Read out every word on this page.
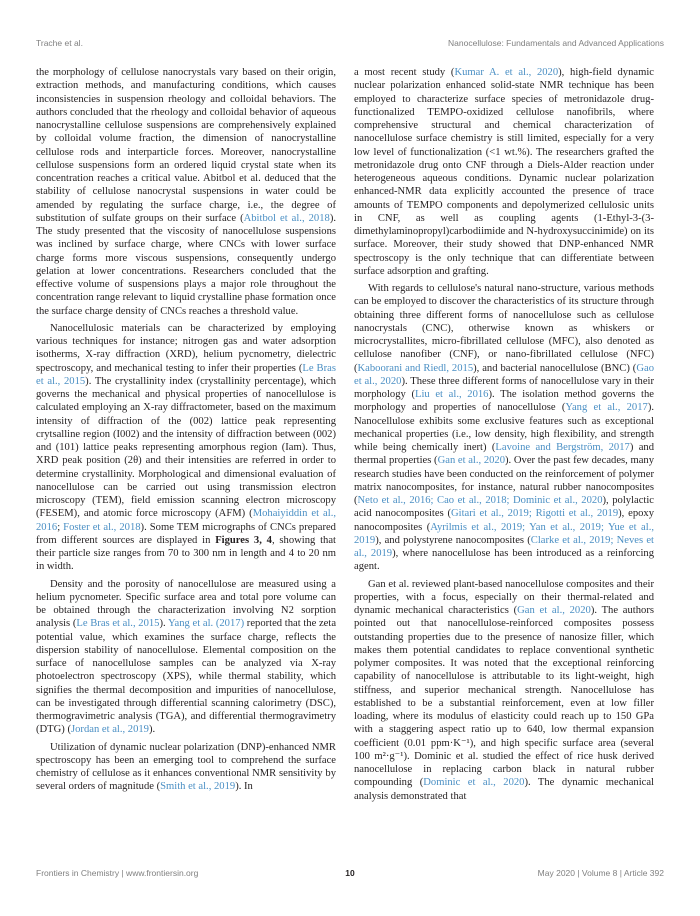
Trache et al.	Nanocellulose: Fundamentals and Advanced Applications

the morphology of cellulose nanocrystals vary based on their origin, extraction methods, and manufacturing conditions, which causes inconsistencies in suspension rheology and colloidal behaviors. The authors concluded that the rheology and colloidal behavior of aqueous nanocrystalline cellulose suspensions are comprehensively explained by colloidal volume fraction, the dimension of nanocrystalline cellulose rods and interparticle forces. Moreover, nanocrystalline cellulose suspensions form an ordered liquid crystal state when its concentration reaches a critical value. Abitbol et al. deduced that the stability of cellulose nanocrystal suspensions in water could be amended by regulating the surface charge, i.e., the degree of substitution of sulfate groups on their surface (Abitbol et al., 2018). The study presented that the viscosity of nanocellulose suspensions was inclined by surface charge, where CNCs with lower surface charge forms more viscous suspensions, consequently undergo gelation at lower concentrations. Researchers concluded that the effective volume of suspensions plays a major role throughout the concentration range relevant to liquid crystalline phase formation once the surface charge density of CNCs reaches a threshold value.

Nanocellulosic materials can be characterized by employing various techniques for instance; nitrogen gas and water adsorption isotherms, X-ray diffraction (XRD), helium pycnometry, dielectric spectroscopy, and mechanical testing to infer their properties (Le Bras et al., 2015). The crystallinity index (crystallinity percentage), which governs the mechanical and physical properties of nanocellulose is calculated employing an X-ray diffractometer, based on the maximum intensity of diffraction of the (002) lattice peak representing crytsalline region (I002) and the intensity of diffraction between (002) and (101) lattice peaks representing amorphous region (Iam). Thus, XRD peak position (2θ) and their intensities are referred in order to determine crystallinity. Morphological and dimensional evaluation of nanocellulose can be carried out using transmission electron microscopy (TEM), field emission scanning electron microscopy (FESEM), and atomic force microscopy (AFM) (Mohaiyiddin et al., 2016; Foster et al., 2018). Some TEM micrographs of CNCs prepared from different sources are displayed in Figures 3, 4, showing that their particle size ranges from 70 to 300 nm in length and 4 to 20 nm in width.

Density and the porosity of nanocellulose are measured using a helium pycnometer. Specific surface area and total pore volume can be obtained through the characterization involving N2 sorption analysis (Le Bras et al., 2015). Yang et al. (2017) reported that the zeta potential value, which examines the surface charge, reflects the dispersion stability of nanocellulose. Elemental composition on the surface of nanocellulose samples can be analyzed via X-ray photoelectron spectroscopy (XPS), while thermal stability, which signifies the thermal decomposition and impurities of nanocellulose, can be investigated through differential scanning calorimetry (DSC), thermogravimetric analysis (TGA), and differential thermogravimetry (DTG) (Jordan et al., 2019).

Utilization of dynamic nuclear polarization (DNP)-enhanced NMR spectroscopy has been an emerging tool to comprehend the surface chemistry of cellulose as it enhances conventional NMR sensitivity by several orders of magnitude (Smith et al., 2019). In

a most recent study (Kumar A. et al., 2020), high-field dynamic nuclear polarization enhanced solid-state NMR technique has been employed to characterize surface species of metronidazole drug-functionalized TEMPO-oxidized cellulose nanofibrils, where comprehensive structural and chemical characterization of nanocellulose surface chemistry is still limited, especially for a very low level of functionalization (<1 wt.%). The researchers grafted the metronidazole drug onto CNF through a Diels-Alder reaction under heterogeneous aqueous conditions. Dynamic nuclear polarization enhanced-NMR data explicitly accounted the presence of trace amounts of TEMPO components and depolymerized cellulosic units in CNF, as well as coupling agents (1-Ethyl-3-(3-dimethylaminopropyl)carbodiimide and N-hydroxysuccinimide) on its surface. Moreover, their study showed that DNP-enhanced NMR spectroscopy is the only technique that can differentiate between surface adsorption and grafting.

With regards to cellulose's natural nano-structure, various methods can be employed to discover the characteristics of its structure through obtaining three different forms of nanocellulose such as cellulose nanocrystals (CNC), otherwise known as whiskers or microcrystallites, micro-fibrillated cellulose (MFC), also denoted as cellulose nanofiber (CNF), or nano-fibrillated cellulose (NFC) (Kaboorani and Riedl, 2015), and bacterial nanocellulose (BNC) (Gao et al., 2020). These three different forms of nanocellulose vary in their morphology (Liu et al., 2016). The isolation method governs the morphology and properties of nanocellulose (Yang et al., 2017). Nanocellulose exhibits some exclusive features such as exceptional mechanical properties (i.e., low density, high flexibility, and strength while being chemically inert) (Lavoine and Bergström, 2017) and thermal properties (Gan et al., 2020). Over the past few decades, many research studies have been conducted on the reinforcement of polymer matrix nanocomposites, for instance, natural rubber nanocomposites (Neto et al., 2016; Cao et al., 2018; Dominic et al., 2020), polylactic acid nanocomposites (Gitari et al., 2019; Rigotti et al., 2019), epoxy nanocomposites (Ayrilmis et al., 2019; Yan et al., 2019; Yue et al., 2019), and polystyrene nanocomposites (Clarke et al., 2019; Neves et al., 2019), where nanocellulose has been introduced as a reinforcing agent.

Gan et al. reviewed plant-based nanocellulose composites and their properties, with a focus, especially on their thermal-related and dynamic mechanical characteristics (Gan et al., 2020). The authors pointed out that nanocellulose-reinforced composites possess outstanding properties due to the presence of nanosize filler, which makes them potential candidates to replace conventional synthetic polymer composites. It was noted that the exceptional reinforcing capability of nanocellulose is attributable to its light-weight, high stiffness, and superior mechanical strength. Nanocellulose has established to be a substantial reinforcement, even at low filler loading, where its modulus of elasticity could reach up to 150 GPa with a staggering aspect ratio up to 640, low thermal expansion coefficient (0.01 ppm·K⁻¹), and high specific surface area (several 100 m²·g⁻¹). Dominic et al. studied the effect of rice husk derived nanocellulose in replacing carbon black in natural rubber compounding (Dominic et al., 2020). The dynamic mechanical analysis demonstrated that

Frontiers in Chemistry | www.frontiersin.org	10	May 2020 | Volume 8 | Article 392
